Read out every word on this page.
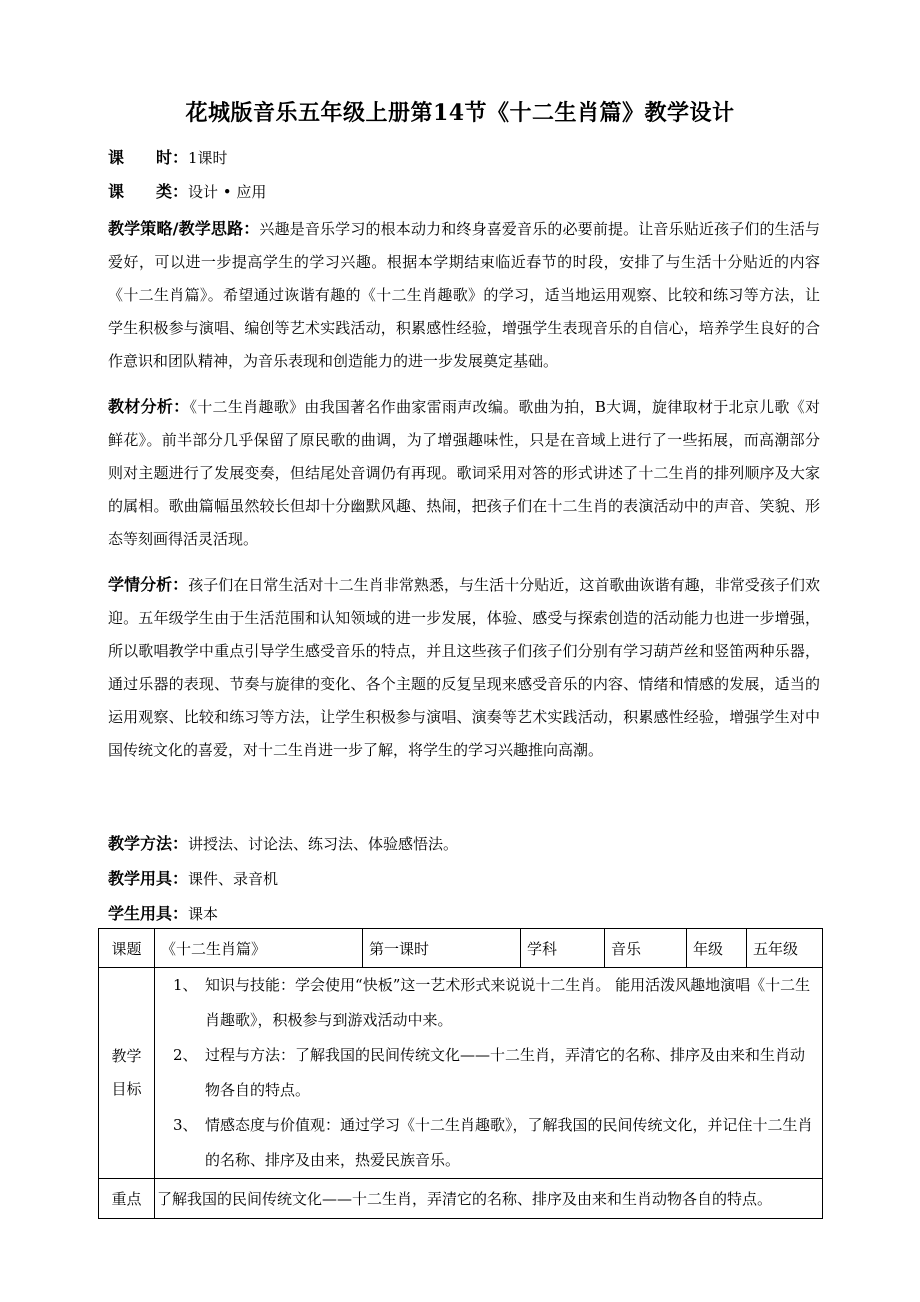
花城版音乐五年级上册第14节《十二生肖篇》教学设计
课　　时：1课时
课　　类：设计 • 应用
教学策略/教学思路：兴趣是音乐学习的根本动力和终身喜爱音乐的必要前提。让音乐贴近孩子们的生活与爱好，可以进一步提高学生的学习兴趣。根据本学期结束临近春节的时段，安排了与生活十分贴近的内容《十二生肖篇》。希望通过诙谐有趣的《十二生肖趣歌》的学习，适当地运用观察、比较和练习等方法，让学生积极参与演唱、编创等艺术实践活动，积累感性经验，增强学生表现音乐的自信心，培养学生良好的合作意识和团队精神，为音乐表现和创造能力的进一步发展奠定基础。
教材分析：《十二生肖趣歌》由我国著名作曲家雷雨声改编。歌曲为拍，B大调，旋律取材于北京儿歌《对鲜花》。前半部分几乎保留了原民歌的曲调，为了增强趣味性，只是在音域上进行了一些拓展，而高潮部分则对主题进行了发展变奏，但结尾处音调仍有再现。歌词采用对答的形式讲述了十二生肖的排列顺序及大家的属相。歌曲篇幅虽然较长但却十分幽默风趣、热闹，把孩子们在十二生肖的表演活动中的声音、笑貌、形态等刻画得活灵活现。
学情分析：孩子们在日常生活对十二生肖非常熟悉，与生活十分贴近，这首歌曲诙谐有趣，非常受孩子们欢迎。五年级学生由于生活范围和认知领域的进一步发展，体验、感受与探索创造的活动能力也进一步增强，所以歌唱教学中重点引导学生感受音乐的特点，并且这些孩子们孩子们分别有学习葫芦丝和竖笛两种乐器，通过乐器的表现、节奏与旋律的变化、各个主题的反复呈现来感受音乐的内容、情绪和情感的发展，适当的运用观察、比较和练习等方法，让学生积极参与演唱、演奏等艺术实践活动，积累感性经验，增强学生对中国传统文化的喜爱，对十二生肖进一步了解，将学生的学习兴趣推向高潮。
教学方法：讲授法、讨论法、练习法、体验感悟法。
教学用具：课件、录音机
学生用具：课本
课题	《十二生肖篇》	第一课时	学科	音乐	年级	五年级
教学目标	1、　知识与技能：学会使用“快板”这一艺术形式来说说十二生肖。 能用活泼风趣地演唱《十二生肖趣歌》，积极参与到游戏活动中来。
2、　过程与方法：了解我国的民间传统文化——十二生肖，弄清它的名称、排序及由来和生肖动物各自的特点。
3、　情感态度与价值观：通过学习《十二生肖趣歌》，了解我国的民间传统文化，并记住十二生肖的名称、排序及由来，热爱民族音乐。					

重点	了解我国的民间传统文化——十二生肖，弄清它的名称、排序及由来和生肖动物各自的特点。					
